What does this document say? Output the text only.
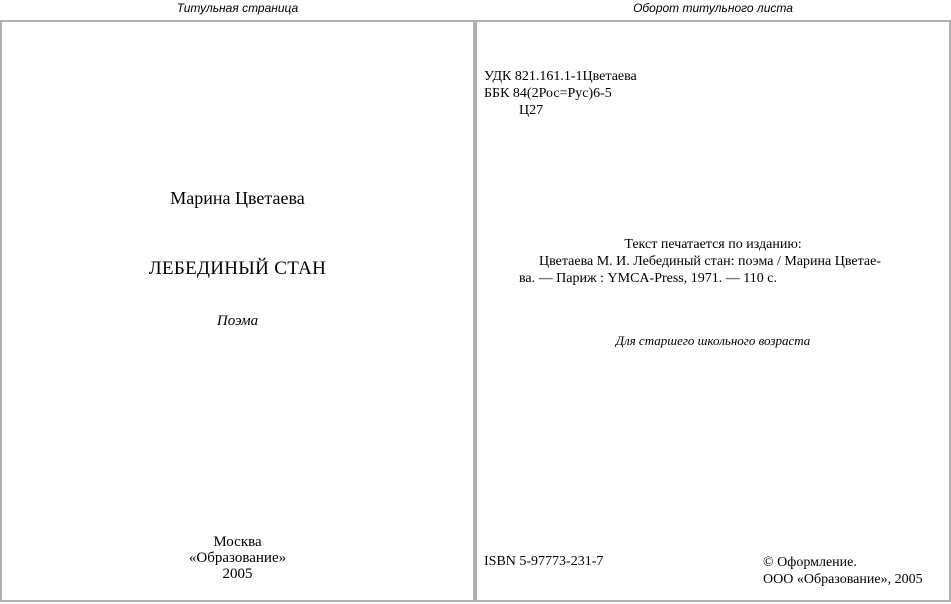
Титульная страница	Оборот титульного листа
Марина Цветаева
ЛЕБЕДИНЫЙ СТАН
Поэма
Москва
«Образование»
2005
УДК 821.161.1-1Цветаева
ББК 84(2Рос=Рус)6-5
Ц27
Текст печатается по изданию:
Цветаева М. И. Лебединый стан: поэма / Марина Цветае-
ва. — Париж : YMCA-Press, 1971. — 110 с.
Для старшего школьного возраста
ISBN 5-97773-231-7	© Оформление.
ООО «Образование», 2005
